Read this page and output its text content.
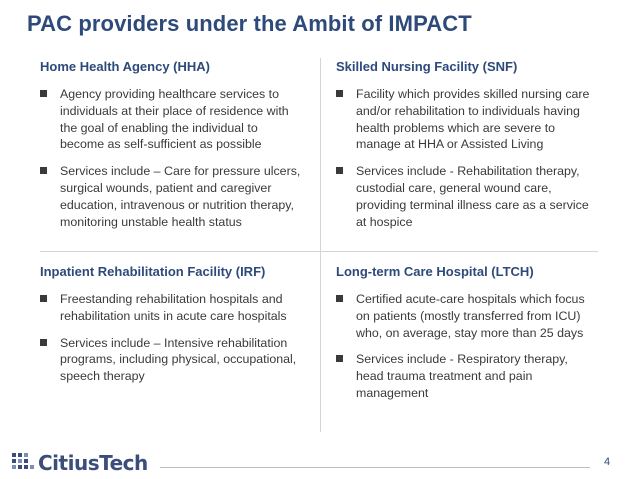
PAC providers under the Ambit of IMPACT
Home Health Agency (HHA)
Agency providing healthcare services to individuals at their place of residence with the goal of enabling the individual to become as self-sufficient as possible
Services include – Care for pressure ulcers, surgical wounds, patient and caregiver education, intravenous or nutrition therapy, monitoring unstable health status
Skilled Nursing Facility (SNF)
Facility which provides skilled nursing care and/or rehabilitation to individuals having health problems which are severe to manage at HHA or Assisted Living
Services include - Rehabilitation therapy, custodial care, general wound care, providing terminal illness care as a service at hospice
Inpatient Rehabilitation Facility (IRF)
Freestanding rehabilitation hospitals and rehabilitation units in acute care hospitals
Services include – Intensive rehabilitation programs, including physical, occupational, speech therapy
Long-term Care Hospital (LTCH)
Certified acute-care hospitals which focus on patients (mostly transferred from ICU) who, on average, stay more than 25 days
Services include - Respiratory therapy, head trauma treatment and pain management
CitiusTech	4
